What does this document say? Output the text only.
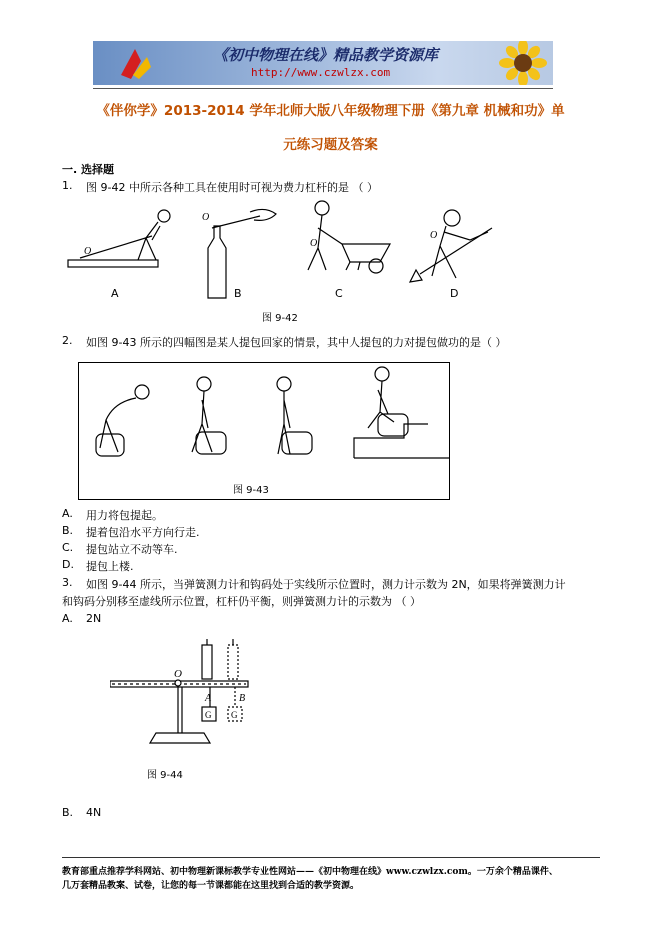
《初中物理在线》精品教学资源库
http://www.czwlzx.com
《伴你学》2013-2014 学年北师大版八年级物理下册《第九章 机械和功》单
元练习题及答案
一. 选择题
1. 图 9-42 中所示各种工具在使用时可视为费力杠杆的是 （ ）
O
O
O
O
A	B	C	D
图 9-42
2. 如图 9-43 所示的四幅图是某人提包回家的情景，其中人提包的力对提包做功的是（ ）
图 9-43
A. 用力将包提起。
B. 提着包沿水平方向行走.
C. 提包站立不动等车.
D. 提包上楼.
3. 如图 9-44 所示，当弹簧测力计和钩码处于实线所示位置时，测力计示数为 2N，如果将弹簧测力计
和钩码分别移至虚线所示位置，杠杆仍平衡，则弹簧测力计的示数为 （ ）
A. 2N
O
A	B
G G
图 9-44
B. 4N
教育部重点推荐学科网站、初中物理新课标教学专业性网站——《初中物理在线》www.czwlzx.com。一万余个精品课件、
几万套精品教案、试卷，让您的每一节课都能在这里找到合适的教学资源。
